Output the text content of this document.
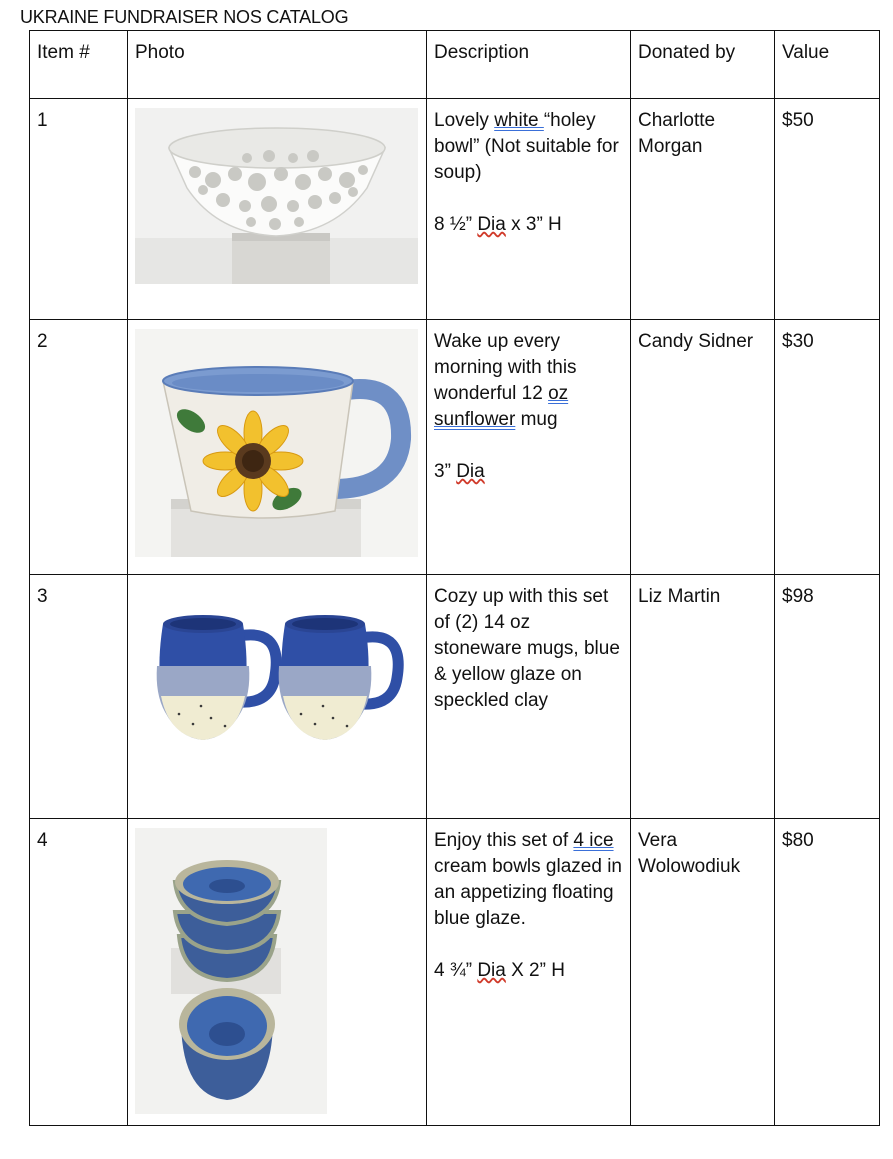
UKRAINE FUNDRAISER NOS CATALOG
Item #	Photo	Description	Donated by	Value
1		Lovely white “holey bowl” (Not suitable for soup)

8 ½” Dia x 3” H	Charlotte Morgan	$50
2		Wake up every morning with this wonderful 12 oz sunflower mug

3” Dia	Candy Sidner	$30
3		Cozy up with this set of (2) 14 oz stoneware mugs, blue & yellow glaze on speckled clay	Liz Martin	$98
4		Enjoy this set of 4 ice cream bowls glazed in an appetizing floating blue glaze.

4 ¾” Dia X 2” H	Vera Wolowodiuk	$80
